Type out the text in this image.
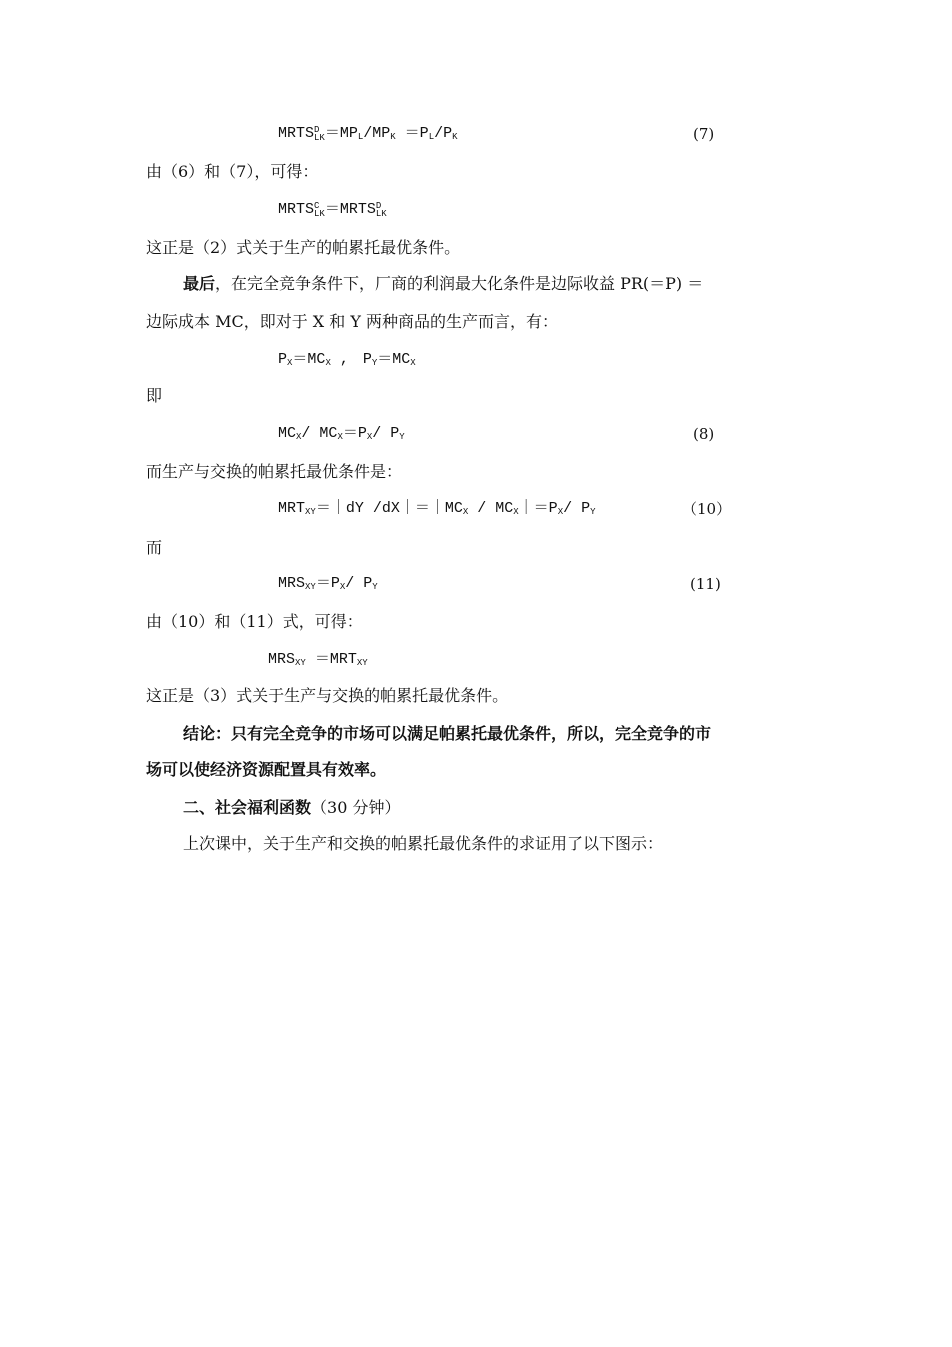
MRTS D
LK $=MP_L/MP_K =P_L/P_K$	(7)
由（6）和（7），可得：
MRTS C
LK ＝MRTS D
LK
这正是（2）式关于生产的帕累托最优条件。
最后，在完全竞争条件下，厂商的利润最大化条件是边际收益 PR(＝P) ＝
边际成本 MC，即对于 X 和 Y 两种商品的生产而言，有：
$P_X=MC_X$ , $P_Y=MC_X$
即
$MC_X/$ $MC_X=P_X/$ $P_Y$	(8)
而生产与交换的帕累托最优条件是：
$MRT_{XY}=|dY$ $/dX|=|MC_X$ / $MC_X|=P_X/$ $P_Y$	（10）
而
$MRS_{XY}=P_X/$ $P_Y$	(11)
由（10）和（11）式，可得：
$MRS_{XY} =MRT_{XY}$
这正是（3）式关于生产与交换的帕累托最优条件。
结论：只有完全竞争的市场可以满足帕累托最优条件，所以，完全竞争的市
场可以使经济资源配置具有效率。
二、社会福利函数（30 分钟）
上次课中，关于生产和交换的帕累托最优条件的求证用了以下图示：
